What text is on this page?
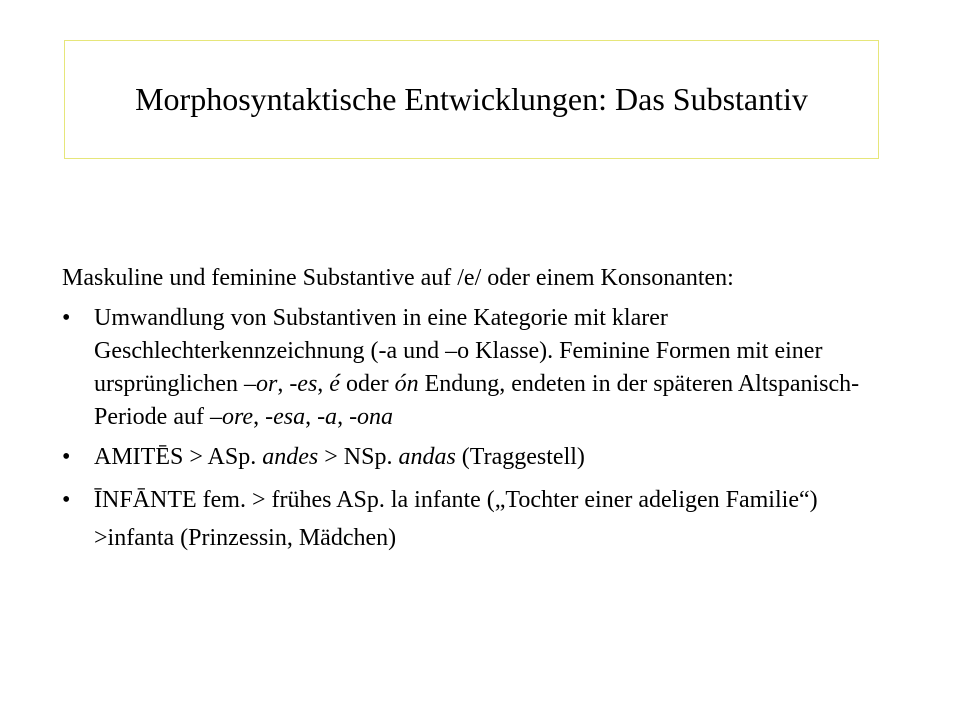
Morphosyntaktische Entwicklungen: Das Substantiv

Maskuline und feminine Substantive auf /e/ oder einem Konsonanten:

• Umwandlung von Substantiven in eine Kategorie mit klarer Geschlechterkennzeichnung (-a und –o Klasse). Feminine Formen mit einer ursprünglichen –or, -es, é oder ón Endung, endeten in der späteren Altspanisch-Periode auf –ore, -esa, -a, -ona
• AMITĒS > ASp. andes > NSp. andas (Traggestell)
• ĪNFĀNTE fem. > frühes ASp. la infante („Tochter einer adeligen Familie“) >infanta (Prinzessin, Mädchen)
